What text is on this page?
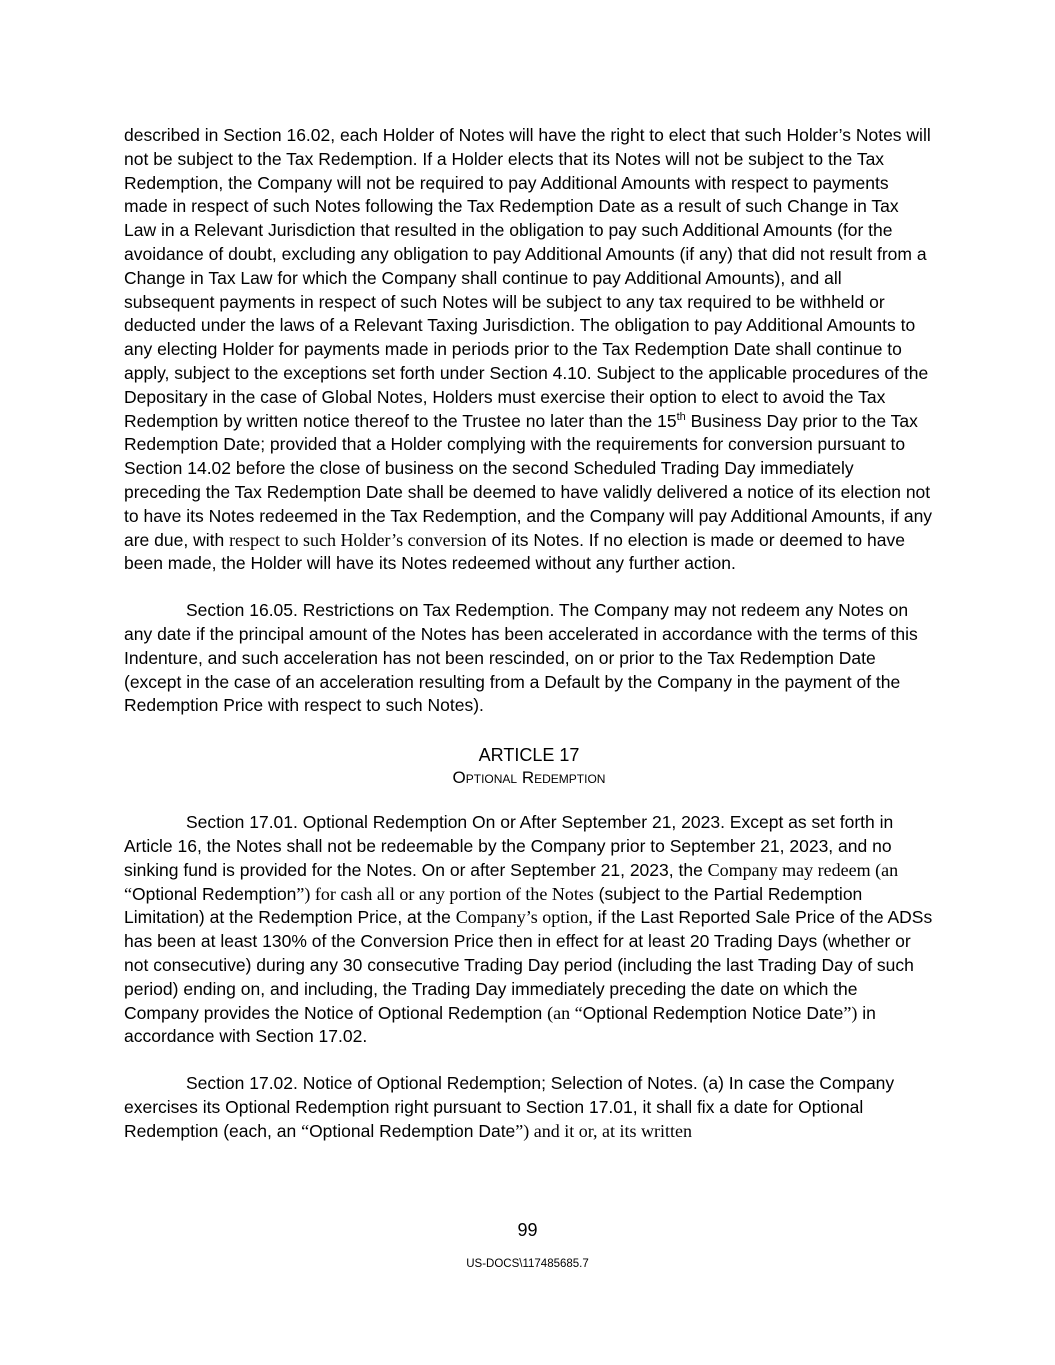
described in Section 16.02, each Holder of Notes will have the right to elect that such Holder’s Notes will not be subject to the Tax Redemption. If a Holder elects that its Notes will not be subject to the Tax Redemption, the Company will not be required to pay Additional Amounts with respect to payments made in respect of such Notes following the Tax Redemption Date as a result of such Change in Tax Law in a Relevant Jurisdiction that resulted in the obligation to pay such Additional Amounts (for the avoidance of doubt, excluding any obligation to pay Additional Amounts (if any) that did not result from a Change in Tax Law for which the Company shall continue to pay Additional Amounts), and all subsequent payments in respect of such Notes will be subject to any tax required to be withheld or deducted under the laws of a Relevant Taxing Jurisdiction. The obligation to pay Additional Amounts to any electing Holder for payments made in periods prior to the Tax Redemption Date shall continue to apply, subject to the exceptions set forth under Section 4.10. Subject to the applicable procedures of the Depositary in the case of Global Notes, Holders must exercise their option to elect to avoid the Tax Redemption by written notice thereof to the Trustee no later than the 15th Business Day prior to the Tax Redemption Date; provided that a Holder complying with the requirements for conversion pursuant to Section 14.02 before the close of business on the second Scheduled Trading Day immediately preceding the Tax Redemption Date shall be deemed to have validly delivered a notice of its election not to have its Notes redeemed in the Tax Redemption, and the Company will pay Additional Amounts, if any are due, with respect to such Holder’s conversion of its Notes. If no election is made or deemed to have been made, the Holder will have its Notes redeemed without any further action.

Section 16.05. Restrictions on Tax Redemption. The Company may not redeem any Notes on any date if the principal amount of the Notes has been accelerated in accordance with the terms of this Indenture, and such acceleration has not been rescinded, on or prior to the Tax Redemption Date (except in the case of an acceleration resulting from a Default by the Company in the payment of the Redemption Price with respect to such Notes).

ARTICLE 17
Optional Redemption

Section 17.01. Optional Redemption On or After September 21, 2023. Except as set forth in Article 16, the Notes shall not be redeemable by the Company prior to September 21, 2023, and no sinking fund is provided for the Notes. On or after September 21, 2023, the Company may redeem (an “Optional Redemption”) for cash all or any portion of the Notes (subject to the Partial Redemption Limitation) at the Redemption Price, at the Company’s option, if the Last Reported Sale Price of the ADSs has been at least 130% of the Conversion Price then in effect for at least 20 Trading Days (whether or not consecutive) during any 30 consecutive Trading Day period (including the last Trading Day of such period) ending on, and including, the Trading Day immediately preceding the date on which the Company provides the Notice of Optional Redemption (an “Optional Redemption Notice Date”) in accordance with Section 17.02.

Section 17.02. Notice of Optional Redemption; Selection of Notes. (a) In case the Company exercises its Optional Redemption right pursuant to Section 17.01, it shall fix a date for Optional Redemption (each, an “Optional Redemption Date”) and it or, at its written

99
US-DOCS\117485685.7
